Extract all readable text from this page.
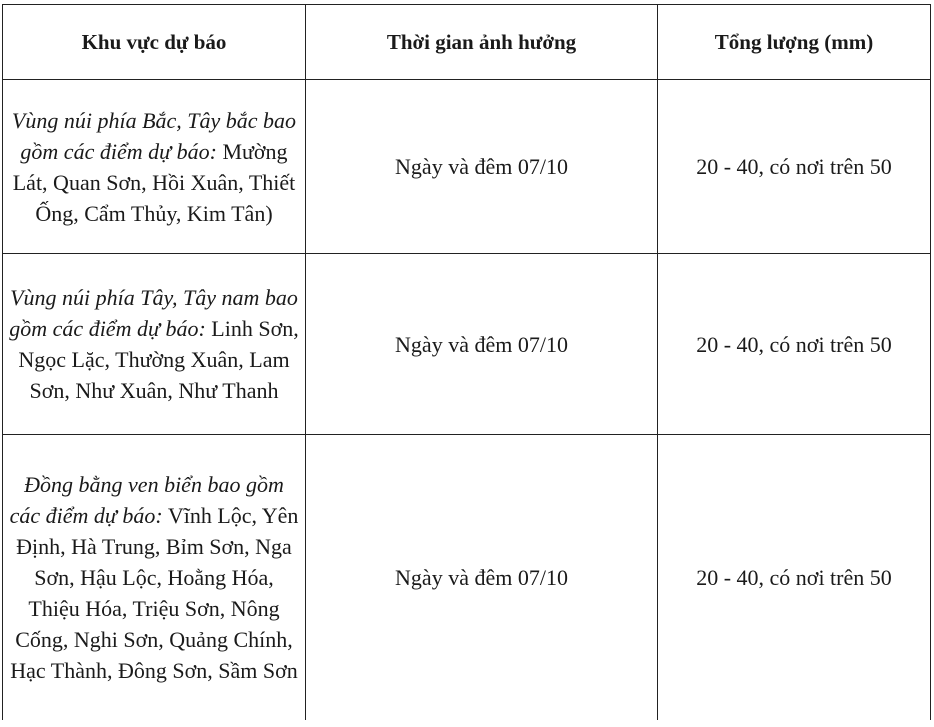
Khu vực dự báo	Thời gian ảnh hưởng	Tổng lượng (mm)
Vùng núi phía Bắc, Tây bắc bao gồm các điểm dự báo: Mường Lát, Quan Sơn, Hồi Xuân, Thiết Ống, Cẩm Thủy, Kim Tân)	Ngày và đêm 07/10	20 - 40, có nơi trên 50
Vùng núi phía Tây, Tây nam bao gồm các điểm dự báo: Linh Sơn, Ngọc Lặc, Thường Xuân, Lam Sơn, Như Xuân, Như Thanh	Ngày và đêm 07/10	20 - 40, có nơi trên 50
Đồng bằng ven biển bao gồm các điểm dự báo: Vĩnh Lộc, Yên Định, Hà Trung, Bỉm Sơn, Nga Sơn, Hậu Lộc, Hoằng Hóa, Thiệu Hóa, Triệu Sơn, Nông Cống, Nghi Sơn, Quảng Chính, Hạc Thành, Đông Sơn, Sầm Sơn	Ngày và đêm 07/10	20 - 40, có nơi trên 50
